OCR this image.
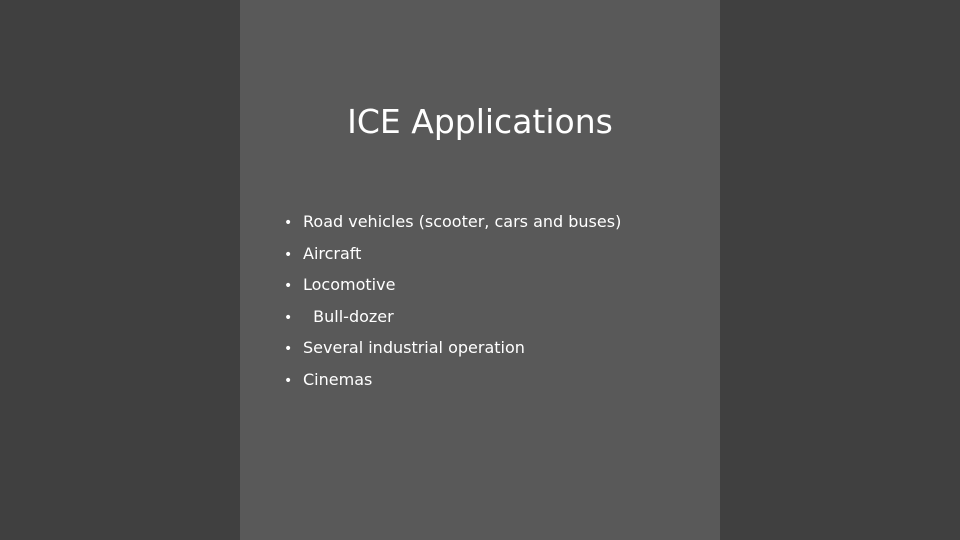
ICE Applications
• Road vehicles (scooter, cars and buses)
• Aircraft
• Locomotive
•  Bull-dozer
• Several industrial operation
• Cinemas
